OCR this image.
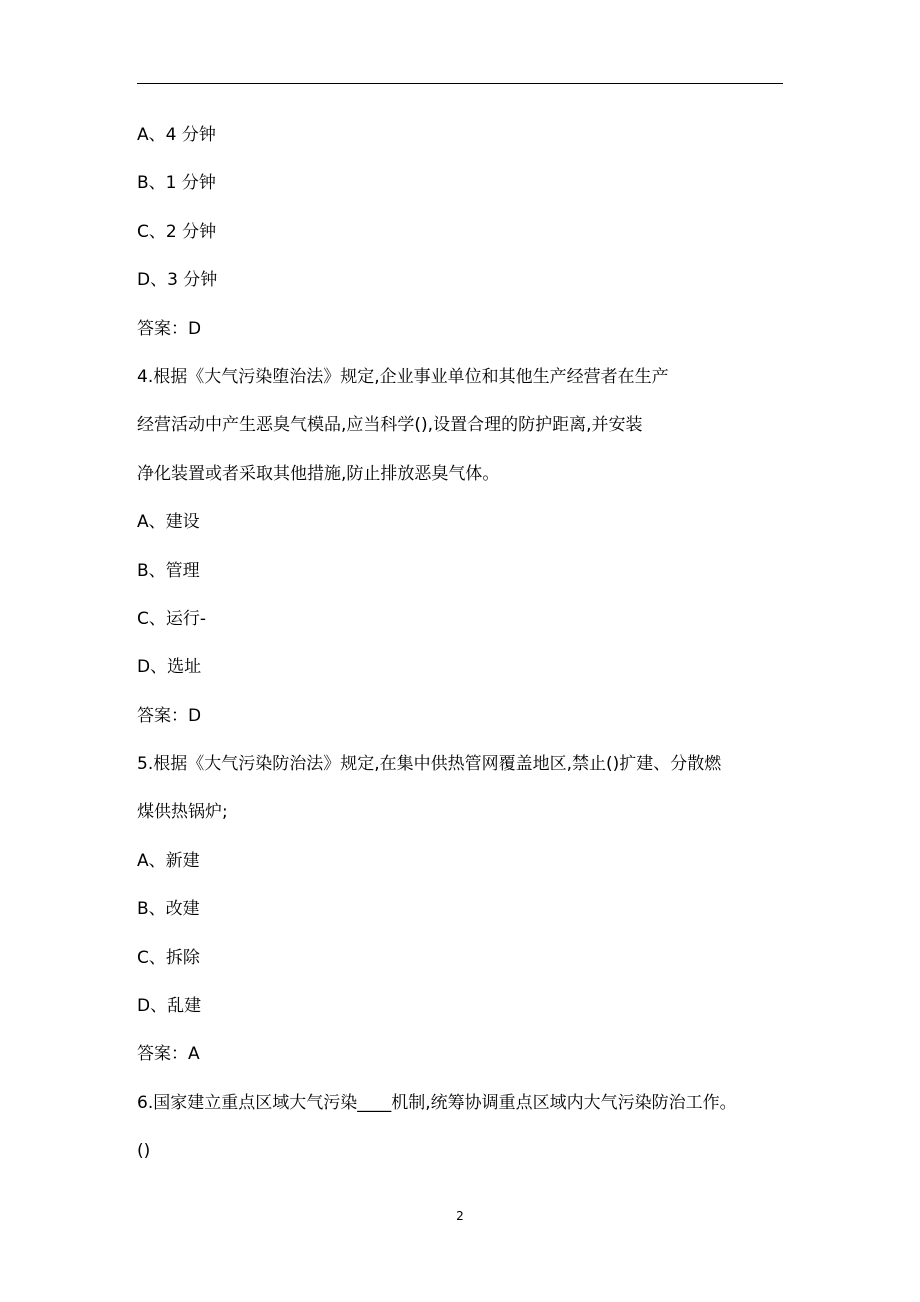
A、4 分钟
B、1 分钟
C、2 分钟
D、3 分钟
答案：D
4.根据《大气污染堕治法》规定,企业事业单位和其他生产经营者在生产
经营活动中产生恶臭气模品,应当科学(),设置合理的防护距离,并安装
净化装置或者采取其他措施,防止排放恶臭气体。
A、建设
B、管理
C、运行-
D、选址
答案：D
5.根据《大气污染防治法》规定,在集中供热管网覆盖地区,禁止()扩建、分散燃
煤供热锅炉;
A、新建
B、改建
C、拆除
D、乱建
答案：A
6.国家建立重点区域大气污染____机制,统筹协调重点区域内大气污染防治工作。
()
2
